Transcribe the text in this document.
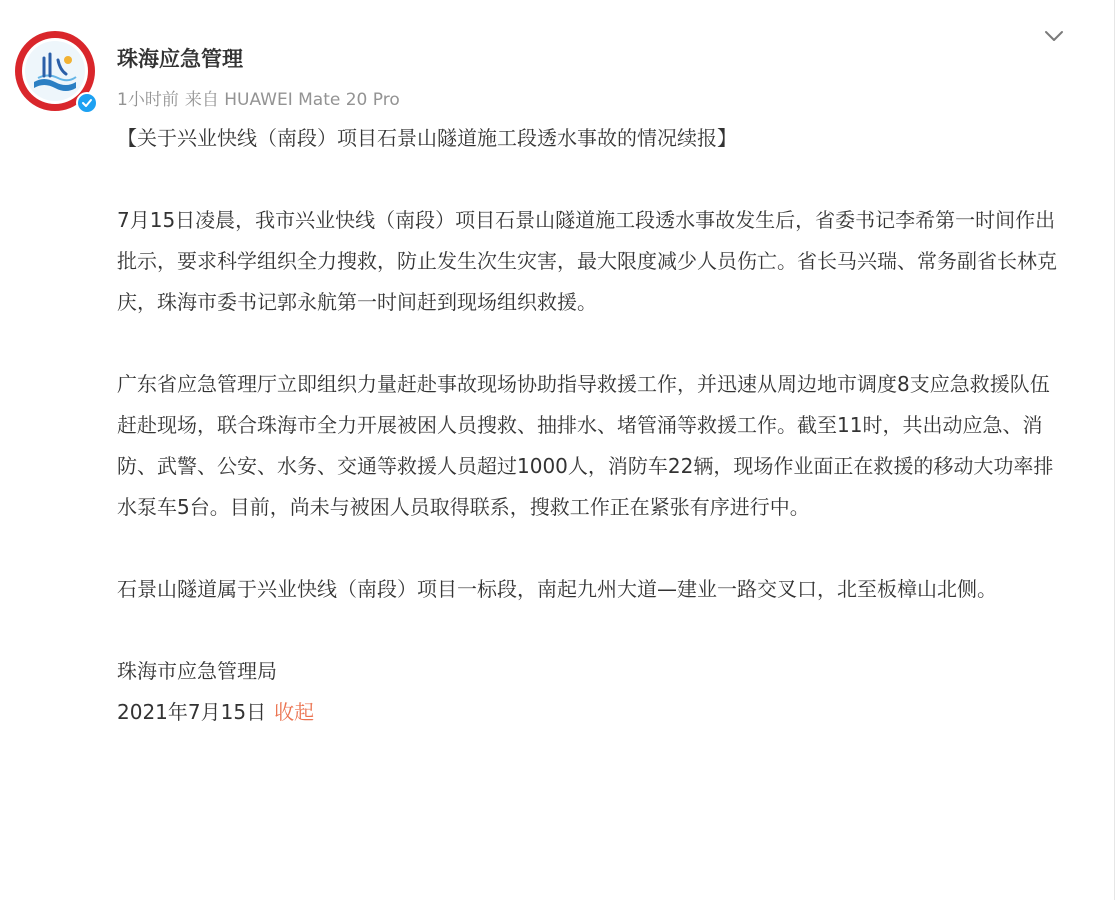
珠海应急管理
1小时前 来自 HUAWEI Mate 20 Pro

【关于兴业快线（南段）项目石景山隧道施工段透水事故的情况续报】

7月15日凌晨，我市兴业快线（南段）项目石景山隧道施工段透水事故发生后，省委书记李希第一时间作出批示，要求科学组织全力搜救，防止发生次生灾害，最大限度减少人员伤亡。省长马兴瑞、常务副省长林克庆，珠海市委书记郭永航第一时间赶到现场组织救援。

广东省应急管理厅立即组织力量赶赴事故现场协助指导救援工作，并迅速从周边地市调度8支应急救援队伍赶赴现场，联合珠海市全力开展被困人员搜救、抽排水、堵管涌等救援工作。截至11时，共出动应急、消防、武警、公安、水务、交通等救援人员超过1000人，消防车22辆，现场作业面正在救援的移动大功率排水泵车5台。目前，尚未与被困人员取得联系，搜救工作正在紧张有序进行中。

石景山隧道属于兴业快线（南段）项目一标段，南起九州大道—建业一路交叉口，北至板樟山北侧。

珠海市应急管理局

2021年7月15日 收起
